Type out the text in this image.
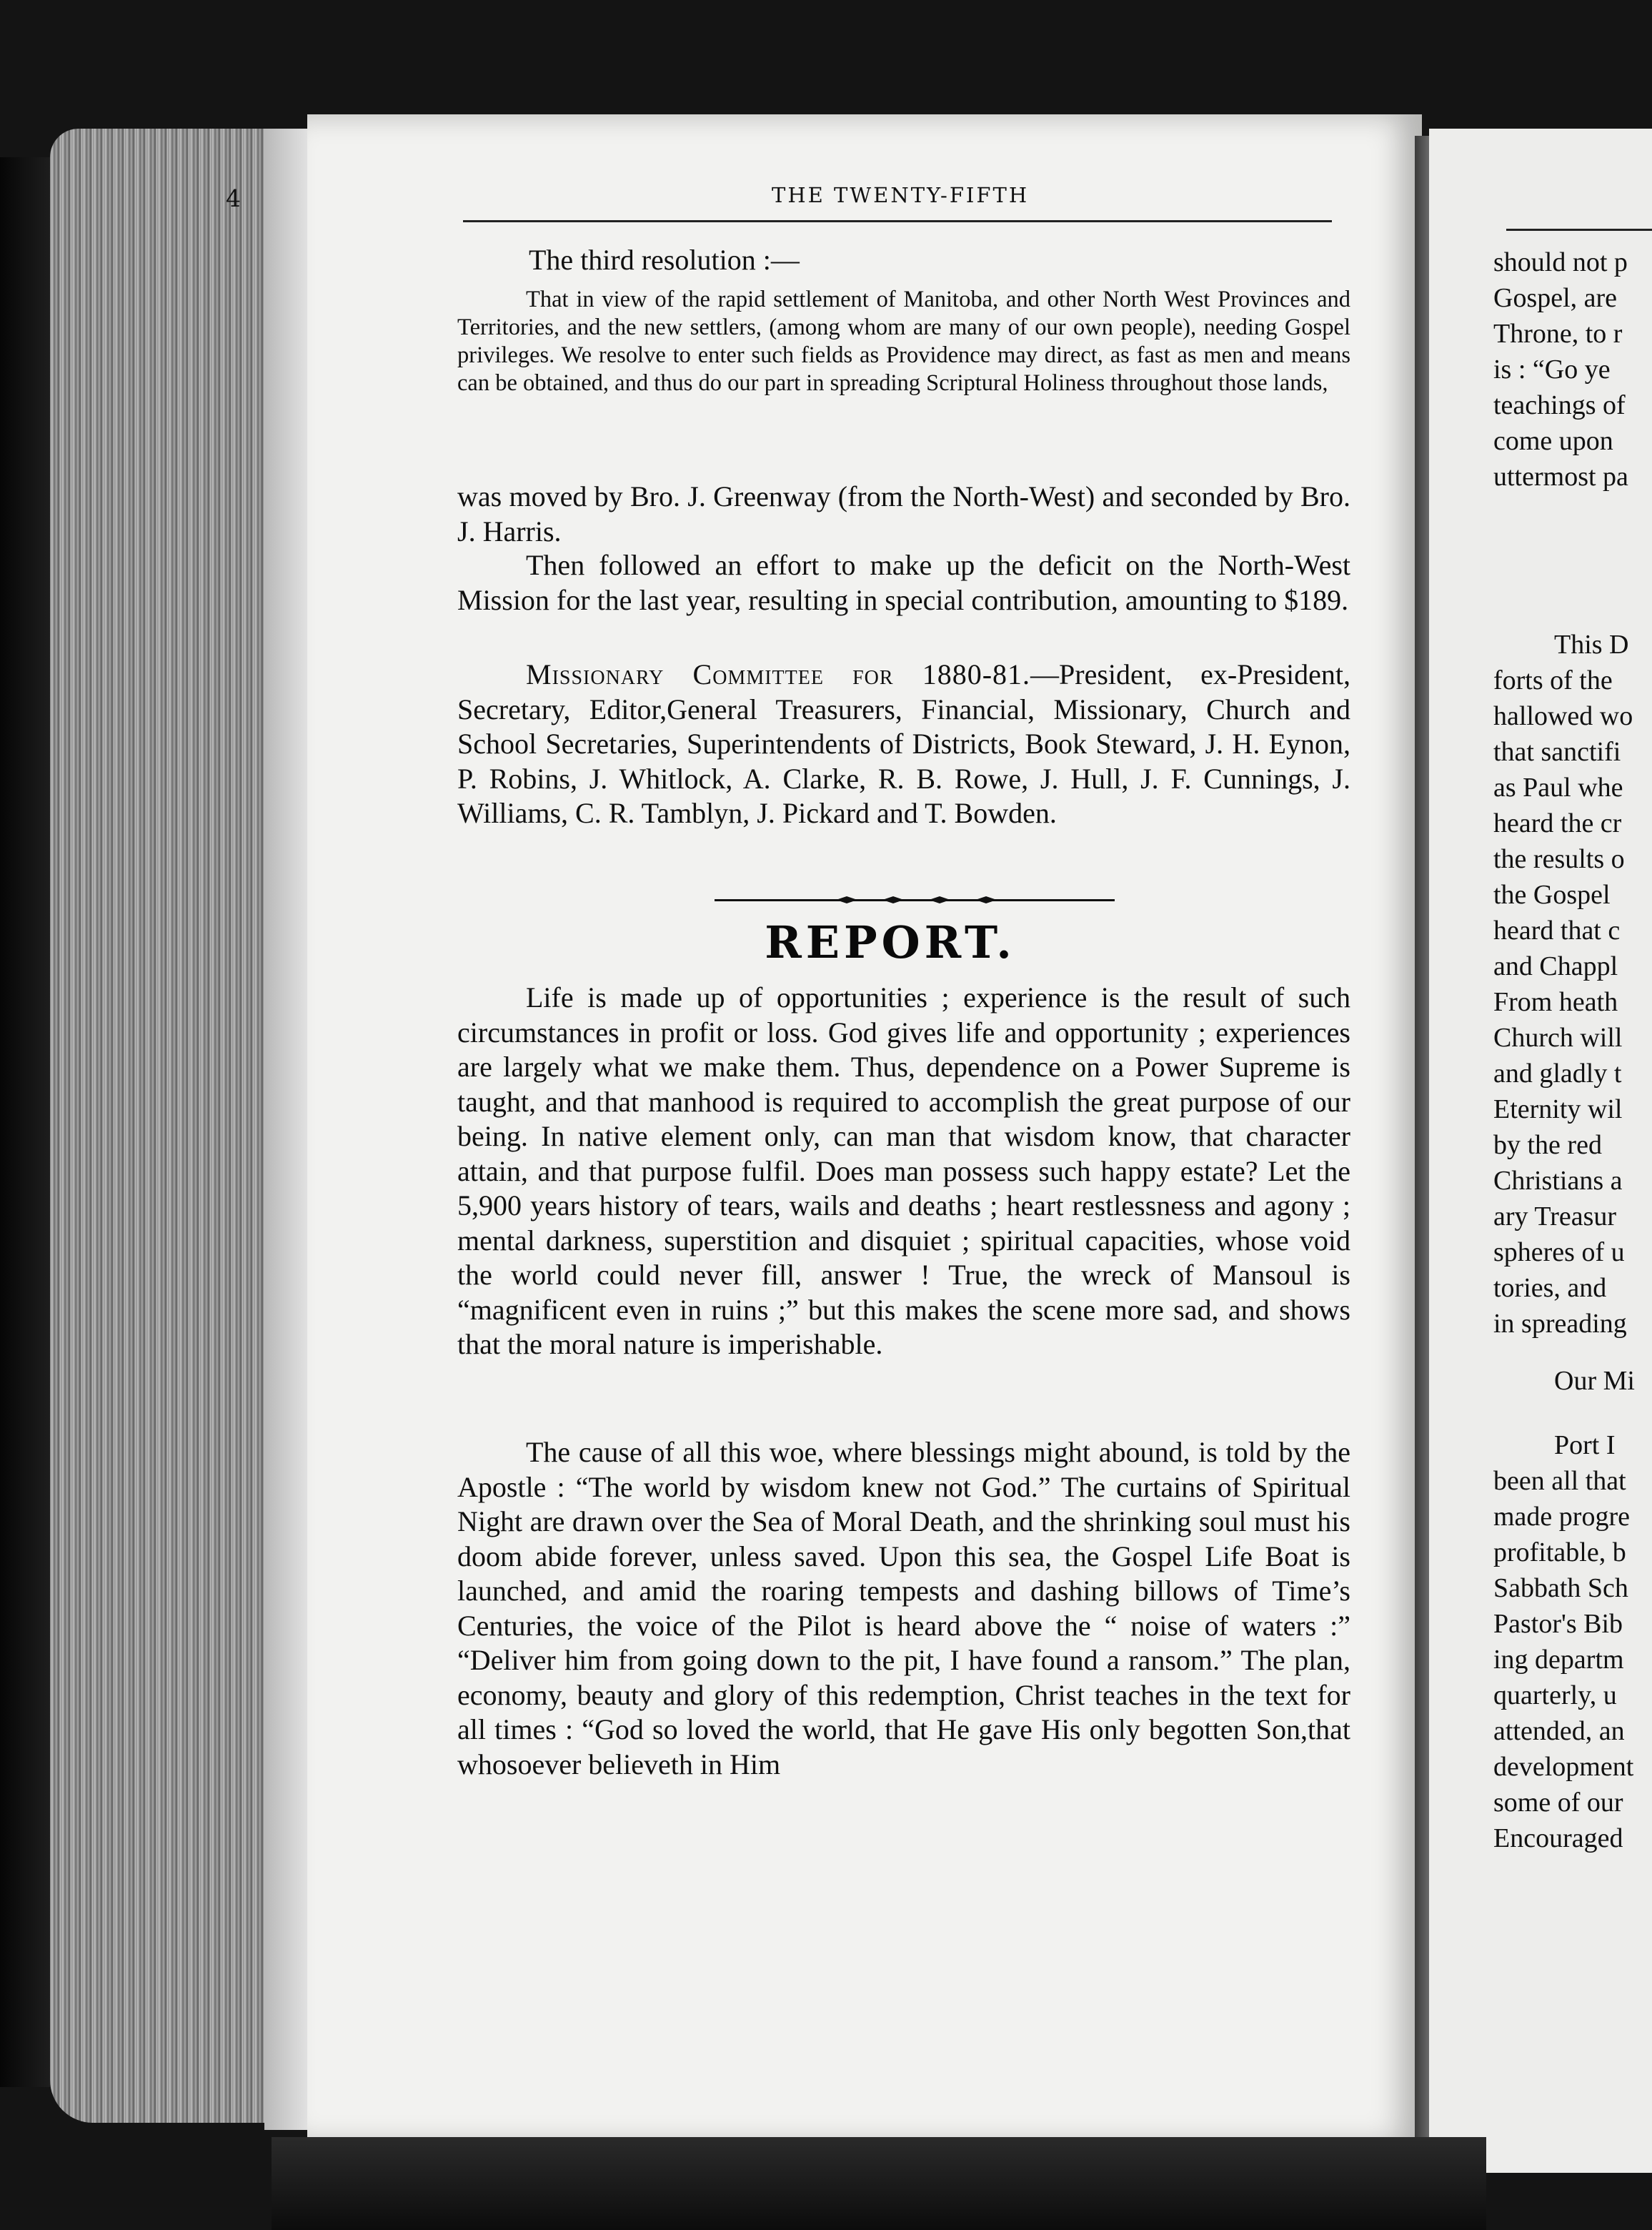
4	THE TWENTY-FIFTH
The third resolution :—
That in view of the rapid settlement of Manitoba, and other North West Provinces and Territories, and the new settlers, (among whom are many of our own people), needing Gospel privileges. We resolve to enter such fields as Providence may direct, as fast as men and means can be obtained, and thus do our part in spreading Scriptural Holiness throughout those lands,
was moved by Bro. J. Greenway (from the North-West) and seconded by Bro. J. Harris.
Then followed an effort to make up the deficit on the North-West Mission for the last year, resulting in special contribution, amounting to $189.
Missionary Committee for 1880-81.—President, ex-President, Secretary, Editor,General Treasurers, Financial, Missionary, Church and School Secretaries, Superintendents of Districts, Book Steward, J. H. Eynon, P. Robins, J. Whitlock, A. Clarke, R. B. Rowe, J. Hull, J. F. Cunnings, J. Williams, C. R. Tamblyn, J. Pickard and T. Bowden.
REPORT.
Life is made up of opportunities ; experience is the result of such circumstances in profit or loss. God gives life and opportunity ; experiences are largely what we make them. Thus, dependence on a Power Supreme is taught, and that manhood is required to accomplish the great purpose of our being. In native element only, can man that wisdom know, that character attain, and that purpose fulfil. Does man possess such happy estate? Let the 5,900 years history of tears, wails and deaths ; heart restlessness and agony ; mental darkness, superstition and disquiet ; spiritual capacities, whose void the world could never fill, answer ! True, the wreck of Mansoul is “magnificent even in ruins ;” but this makes the scene more sad, and shows that the moral nature is imperishable.
The cause of all this woe, where blessings might abound, is told by the Apostle : “The world by wisdom knew not God.” The curtains of Spiritual Night are drawn over the Sea of Moral Death, and the shrinking soul must his doom abide forever, unless saved. Upon this sea, the Gospel Life Boat is launched, and amid the roaring tempests and dashing billows of Time’s Centuries, the voice of the Pilot is heard above the “ noise of waters :” “Deliver him from going down to the pit, I have found a ransom.” The plan, economy, beauty and glory of this redemption, Christ teaches in the text for all times : “God so loved the world, that He gave His only begotten Son,that whosoever believeth in Him
should not p
Gospel, are
Throne, to r
is : “Go ye
teachings of
come upon
uttermost pa
This D
forts of the
hallowed wo
that sanctifi
as Paul whe
heard the cr
the results o
the Gospel
heard that c
and Chappl
From heath
Church will
and gladly t
Eternity wil
by the red
Christians a
ary Treasur
spheres of u
tories, and
in spreading
Our Mi
Port I
been all that
made progre
profitable, b
Sabbath Sch
Pastor's Bib
ing departm
quarterly, u
attended, an
development
some of our
Encouraged
